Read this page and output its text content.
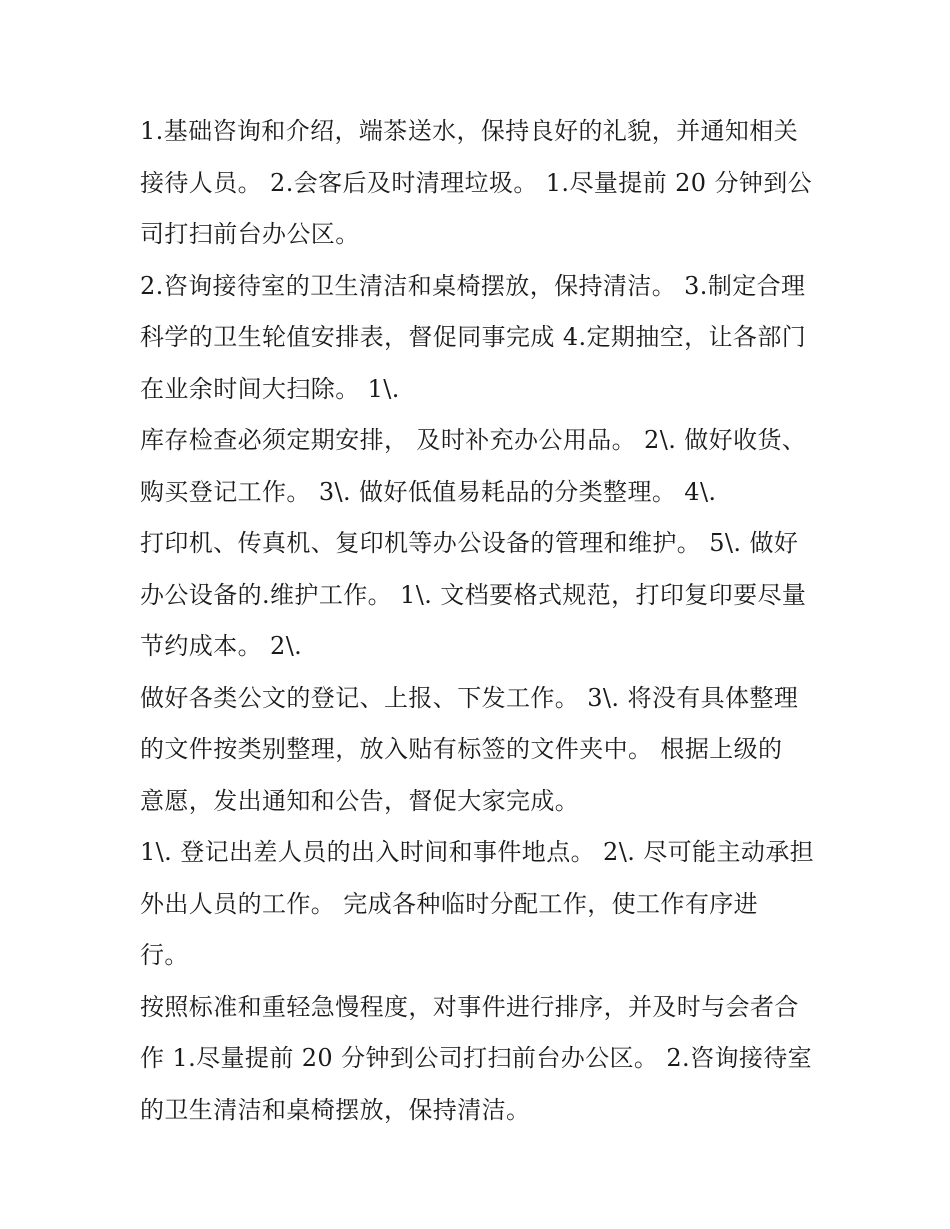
1.基础咨询和介绍，端茶送水，保持良好的礼貌，并通知相关
接待人员。 2.会客后及时清理垃圾。 1.尽量提前 20 分钟到公
司打扫前台办公区。
2.咨询接待室的卫生清洁和桌椅摆放，保持清洁。 3.制定合理
科学的卫生轮值安排表，督促同事完成 4.定期抽空，让各部门
在业余时间大扫除。 1\.
库存检查必须定期安排， 及时补充办公用品。 2\. 做好收货、
购买登记工作。 3\. 做好低值易耗品的分类整理。 4\.
打印机、传真机、复印机等办公设备的管理和维护。 5\. 做好
办公设备的.维护工作。 1\. 文档要格式规范，打印复印要尽量
节约成本。 2\.
做好各类公文的登记、上报、下发工作。 3\. 将没有具体整理
的文件按类别整理，放入贴有标签的文件夹中。 根据上级的
意愿，发出通知和公告，督促大家完成。
1\. 登记出差人员的出入时间和事件地点。 2\. 尽可能主动承担
外出人员的工作。 完成各种临时分配工作，使工作有序进
行。
按照标准和重轻急慢程度，对事件进行排序，并及时与会者合
作 1.尽量提前 20 分钟到公司打扫前台办公区。 2.咨询接待室
的卫生清洁和桌椅摆放，保持清洁。
